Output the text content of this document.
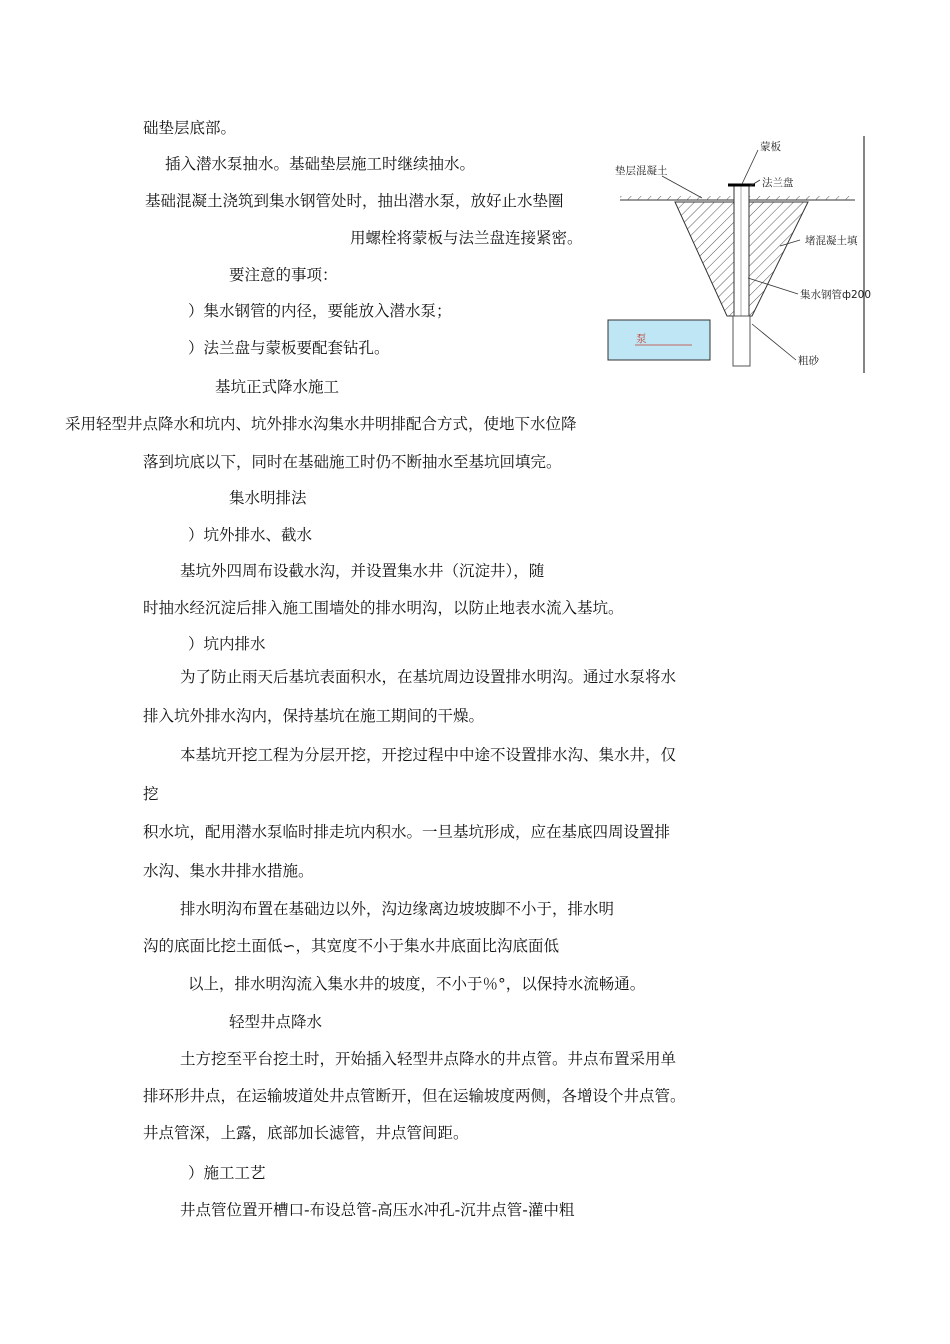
础垫层底部。
插入潜水泵抽水。基础垫层施工时继续抽水。
基础混凝土浇筑到集水钢管处时，抽出潜水泵，放好止水垫圈
用螺栓将蒙板与法兰盘连接紧密。
要注意的事项：
）集水钢管的内径，要能放入潜水泵；
）法兰盘与蒙板要配套钻孔。
基坑正式降水施工
采用轻型井点降水和坑内、坑外排水沟集水井明排配合方式，使地下水位降
落到坑底以下，同时在基础施工时仍不断抽水至基坑回填完。
集水明排法
）坑外排水、截水
基坑外四周布设截水沟，并设置集水井（沉淀井），随
时抽水经沉淀后排入施工围墙处的排水明沟，以防止地表水流入基坑。
）坑内排水
为了防止雨天后基坑表面积水，在基坑周边设置排水明沟。通过水泵将水
排入坑外排水沟内，保持基坑在施工期间的干燥。
本基坑开挖工程为分层开挖，开挖过程中中途不设置排水沟、集水井，仅
挖
积水坑，配用潜水泵临时排走坑内积水。一旦基坑形成，应在基底四周设置排
水沟、集水井排水措施。
排水明沟布置在基础边以外，沟边缘离边坡坡脚不小于，排水明
沟的底面比挖土面低∽，其宽度不小于集水井底面比沟底面低
以上，排水明沟流入集水井的坡度，不小于％°，以保持水流畅通。
轻型井点降水
土方挖至平台挖土时，开始插入轻型井点降水的井点管。井点布置采用单
排环形井点，在运输坡道处井点管断开，但在运输坡度两侧，各增设个井点管。
井点管深，上露，底部加长滤管，井点管间距。
）施工工艺
井点管位置开槽口-布设总管-高压水冲孔-沉井点管-灌中粗
蒙板
垫层混凝土
法兰盘
堵混凝土填
集水钢管ф200
粗砂
泵
